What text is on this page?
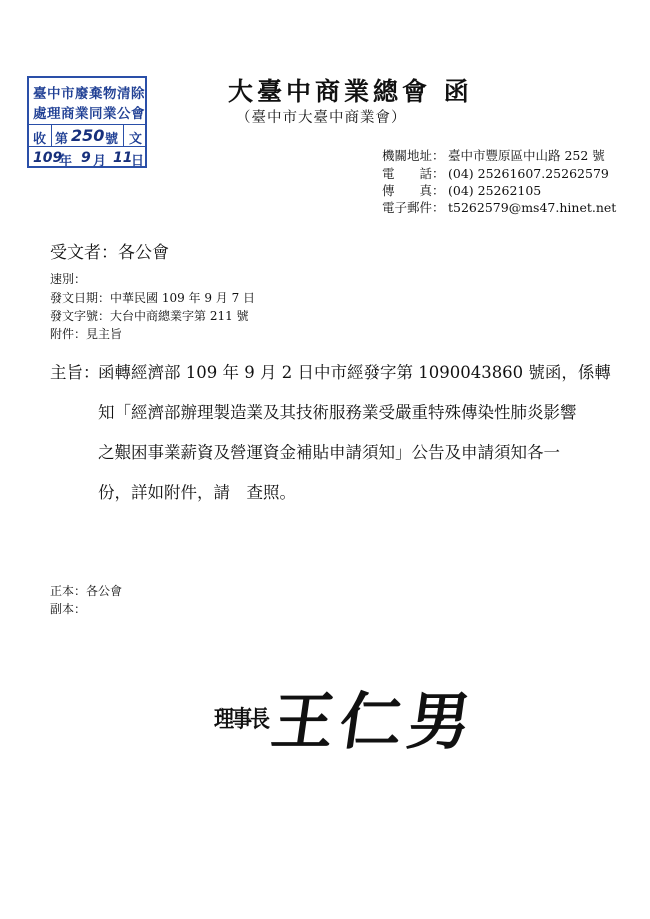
臺中市廢棄物清除
處理商業同業公會
收 第 250 號 文
109
年 9 月 11
日
大臺中商業總會 函
（臺中市大臺中商業會）
機關地址： 臺中市豐原區中山路 252 號
電　　話： (04) 25261607.25262579
傳　　真： (04) 25262105
電子郵件： t5262579@ms47.hinet.net
受文者：各公會
速別：
發文日期：中華民國 109 年 9 月 7 日
發文字號：大台中商總業字第 211 號
附件：見主旨
主旨：
函轉經濟部 109 年 9 月 2 日中市經發字第 1090043860 號函，係轉
知「經濟部辦理製造業及其技術服務業受嚴重特殊傳染性肺炎影響
之艱困事業薪資及營運資金補貼申請須知」公告及申請須知各一
份，詳如附件，請　查照。
正本：各公會
副本：
理事長 王仁男
